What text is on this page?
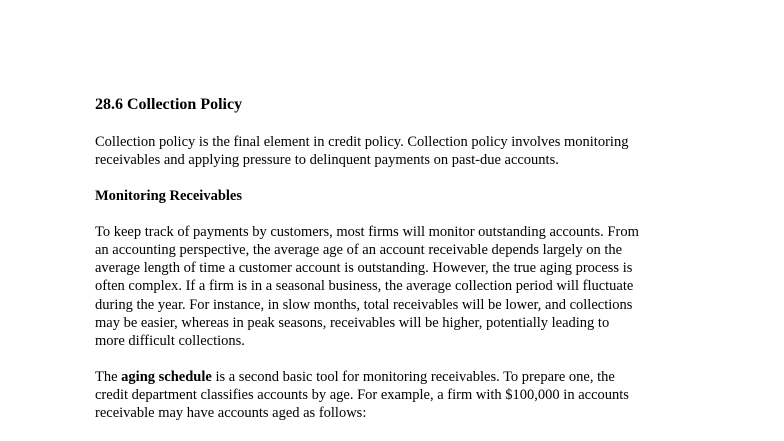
28.6 Collection Policy
Collection policy is the final element in credit policy. Collection policy involves monitoring
receivables and applying pressure to delinquent payments on past-due accounts.
Monitoring Receivables
To keep track of payments by customers, most firms will monitor outstanding accounts. From
an accounting perspective, the average age of an account receivable depends largely on the
average length of time a customer account is outstanding. However, the true aging process is
often complex. If a firm is in a seasonal business, the average collection period will fluctuate
during the year. For instance, in slow months, total receivables will be lower, and collections
may be easier, whereas in peak seasons, receivables will be higher, potentially leading to
more difficult collections.
The aging schedule is a second basic tool for monitoring receivables. To prepare one, the
credit department classifies accounts by age. For example, a firm with $100,000 in accounts
receivable may have accounts aged as follows:
